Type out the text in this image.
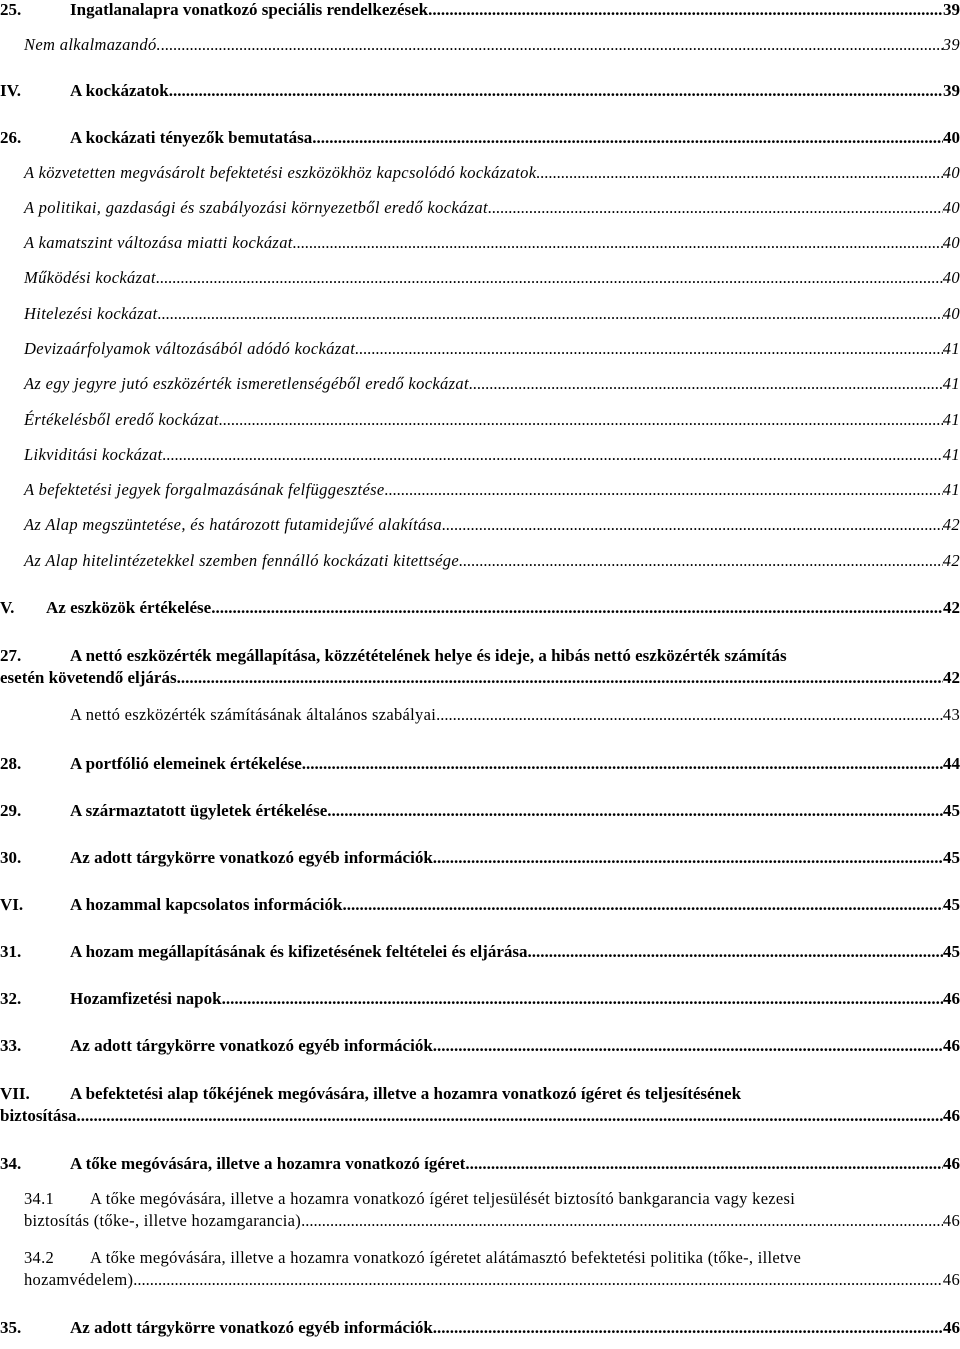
25.	Ingatlanalapra vonatkozó speciális rendelkezések .....	39
Nem alkalmazandó. .....	39
IV.	A kockázatok .....	39
26.	A kockázati tényezők bemutatása .....	40
A közvetetten megvásárolt befektetési eszközökhöz kapcsolódó kockázatok .....	40
A politikai, gazdasági és szabályozási környezetből eredő kockázat .....	40
A kamatszint változása miatti kockázat .....	40
Működési kockázat .....	40
Hitelezési kockázat .....	40
Devizaárfolyamok változásából adódó kockázat .....	41
Az egy jegyre jutó eszközérték ismeretlenségéből eredő kockázat .....	41
Értékelésből eredő kockázat .....	41
Likviditási kockázat .....	41
A befektetési jegyek forgalmazásának felfüggesztése .....	41
Az Alap megszüntetése, és határozott futamidejűvé alakítása .....	42
Az Alap hitelintézetekkel szemben fennálló kockázati kitettsége .....	42
V.	Az eszközök értékelése .....	42
27.	A nettó eszközérték megállapítása, közzétételének helye és ideje, a hibás nettó eszközérték számítás
esetén követendő eljárás .....	42
A nettó eszközérték számításának általános szabályai .....	43
28.	A portfólió elemeinek értékelése .....	44
29.	A származtatott ügyletek értékelése .....	45
30.	Az adott tárgykörre vonatkozó egyéb információk .....	45
VI.	A hozammal kapcsolatos információk .....	45
31.	A hozam megállapításának és kifizetésének feltételei és eljárása .....	45
32.	Hozamfizetési napok .....	46
33.	Az adott tárgykörre vonatkozó egyéb információk .....	46
VII.	A befektetési alap tőkéjének megóvására, illetve a hozamra vonatkozó ígéret és teljesítésének
biztosítása .....	46
34.	A tőke megóvására, illetve a hozamra vonatkozó ígéret .....	46
34.1	A tőke megóvására, illetve a hozamra vonatkozó ígéret teljesülését biztosító bankgarancia vagy kezesi
biztosítás (tőke-, illetve hozamgarancia) .....	46
34.2	A tőke megóvására, illetve a hozamra vonatkozó ígéretet alátámasztó befektetési politika (tőke-, illetve
hozamvédelem) .....	46
35.	Az adott tárgykörre vonatkozó egyéb információk .....	46
